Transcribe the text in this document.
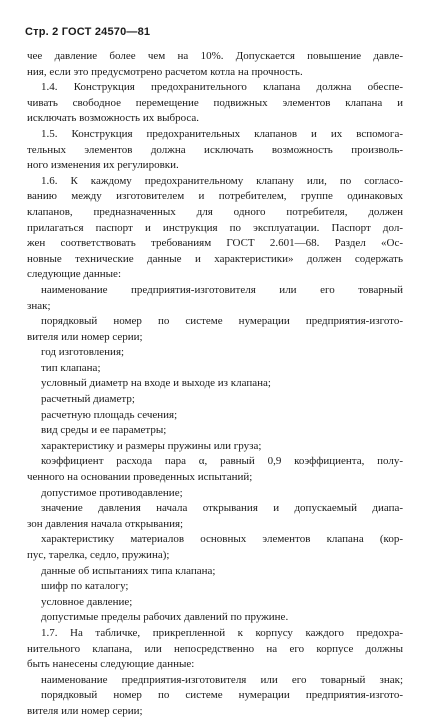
Стр. 2 ГОСТ 24570—81
чее давление более чем на 10%. Допускается повышение давле-
ния, если это предусмотрено расчетом котла на прочность.
1.4. Конструкция предохранительного клапана должна обеспе-
чивать свободное перемещение подвижных элементов клапана и
исключать возможность их выброса.
1.5. Конструкция предохранительных клапанов и их вспомога-
тельных элементов должна исключать возможность произволь-
ного изменения их регулировки.
1.6. К каждому предохранительному клапану или, по согласо-
ванию между изготовителем и потребителем, группе одинаковых
клапанов, предназначенных для одного потребителя, должен
прилагаться паспорт и инструкция по эксплуатации. Паспорт дол-
жен соответствовать требованиям ГОСТ 2.601—68. Раздел «Ос-
новные технические данные и характеристики» должен содержать
следующие данные:
наименование предприятия-изготовителя или его товарный
знак;
порядковый номер по системе нумерации предприятия-изгото-
вителя или номер серии;
год изготовления;
тип клапана;
условный диаметр на входе и выходе из клапана;
расчетный диаметр;
расчетную площадь сечения;
вид среды и ее параметры;
характеристику и размеры пружины или груза;
коэффициент расхода пара α, равный 0,9 коэффициента, полу-
ченного на основании проведенных испытаний;
допустимое противодавление;
значение давления начала открывания и допускаемый диапа-
зон давления начала открывания;
характеристику материалов основных элементов клапана (кор-
пус, тарелка, седло, пружина);
данные об испытаниях типа клапана;
шифр по каталогу;
условное давление;
допустимые пределы рабочих давлений по пружине.
1.7. На табличке, прикрепленной к корпусу каждого предохра-
нительного клапана, или непосредственно на его корпусе должны
быть нанесены следующие данные:
наименование предприятия-изготовителя или его товарный знак;
порядковый номер по системе нумерации предприятия-изгото-
вителя или номер серии;
